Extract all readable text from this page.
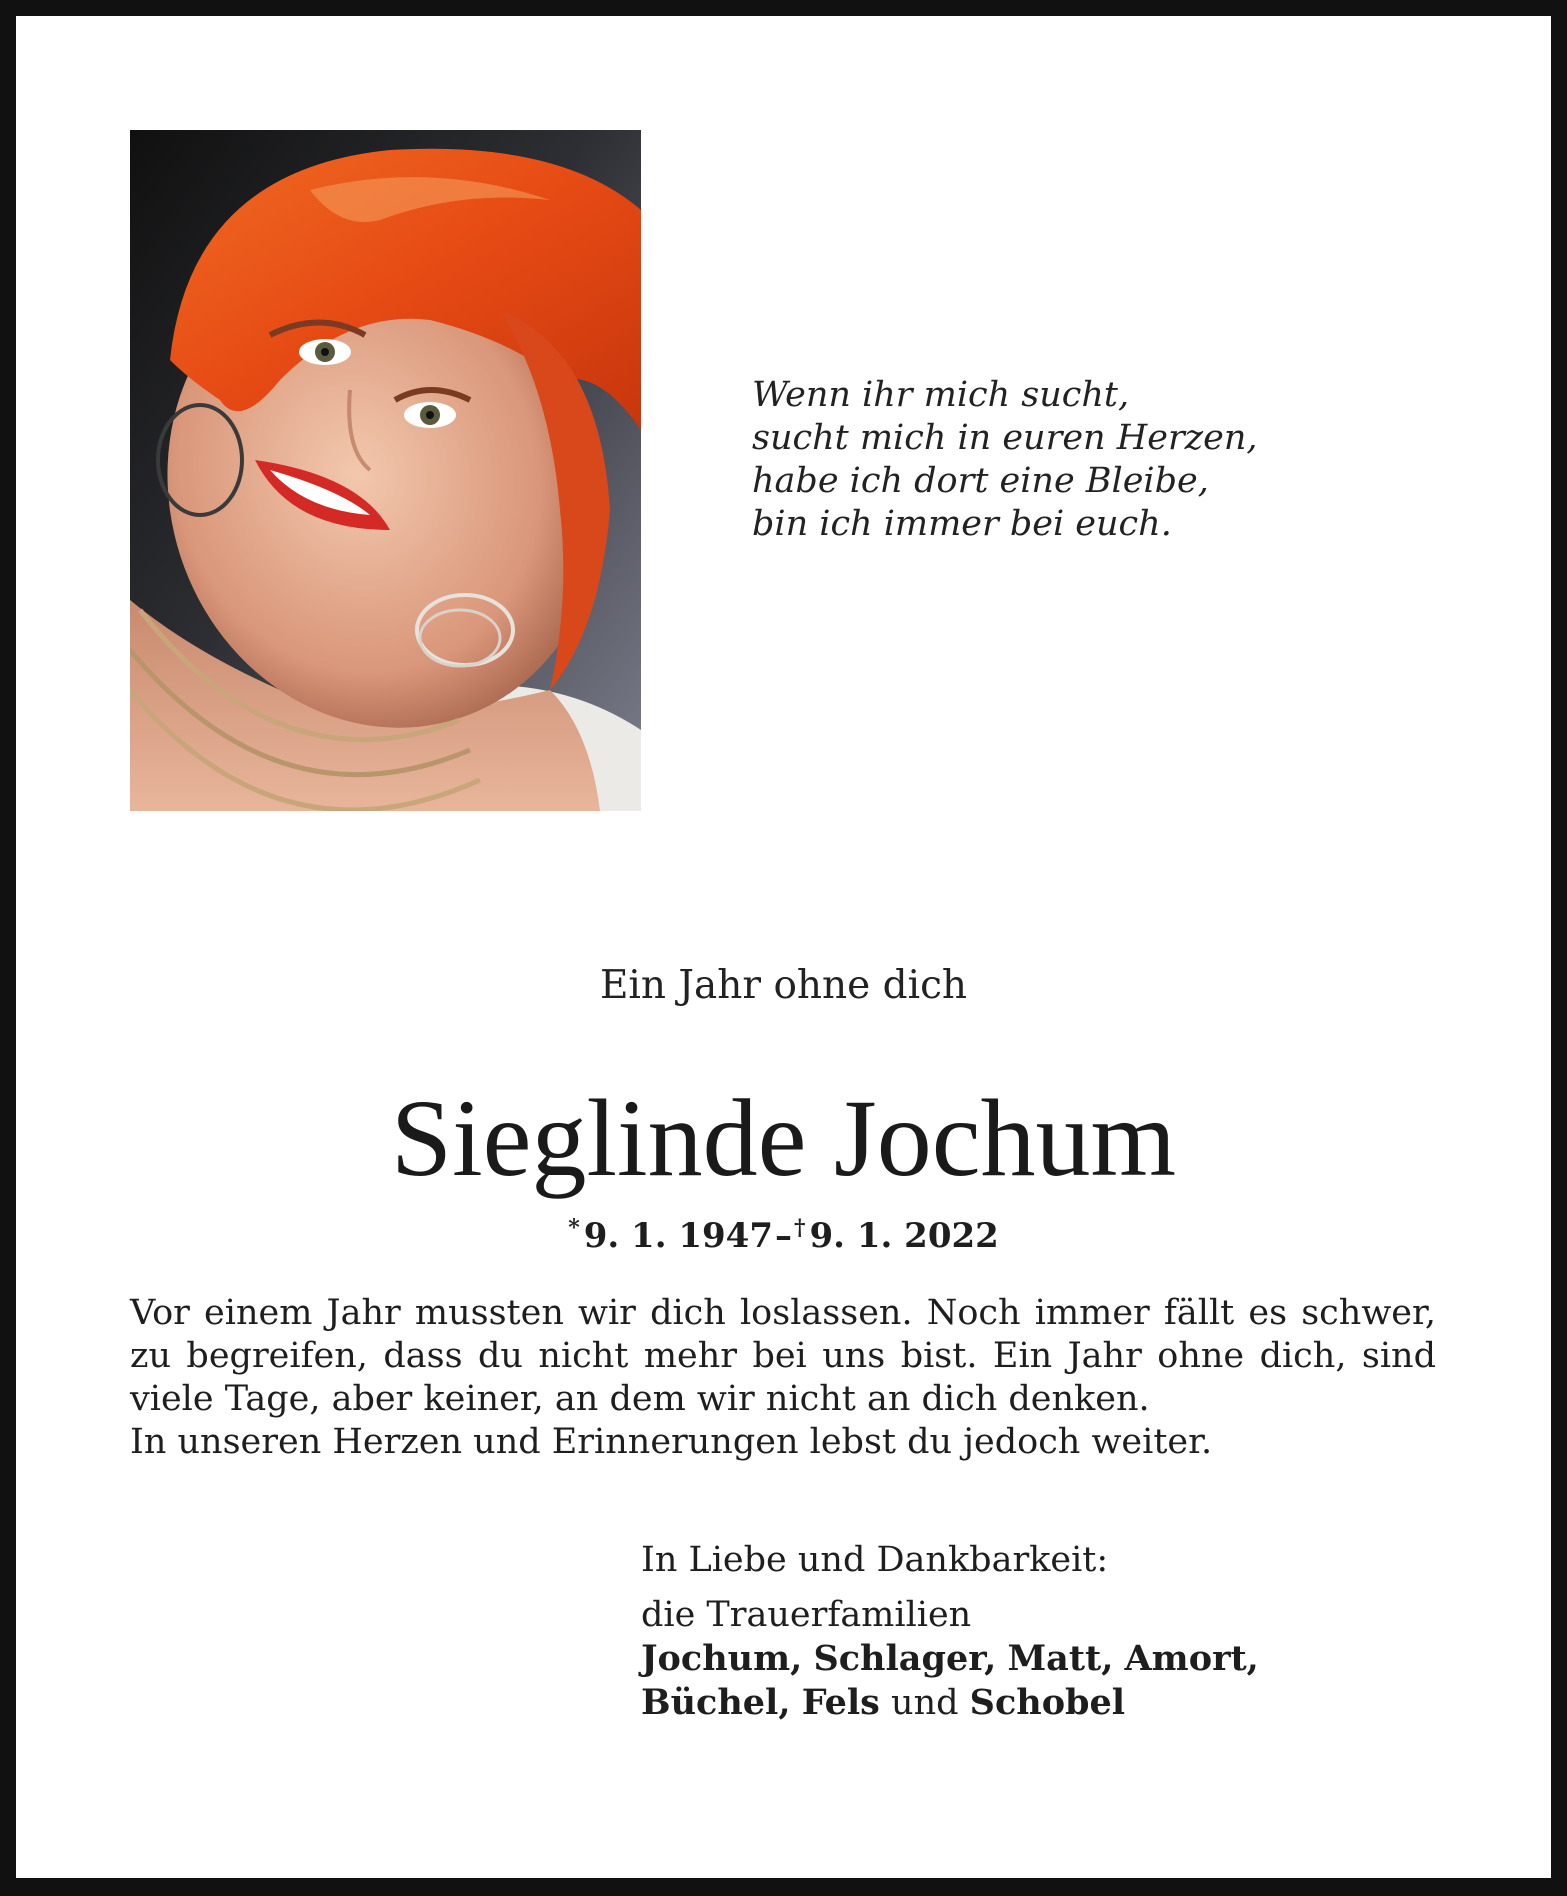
Wenn ihr mich sucht,
sucht mich in euren Herzen,
habe ich dort eine Bleibe,
bin ich immer bei euch.
Ein Jahr ohne dich
Sieglinde Jochum
* 9. 1. 1947–† 9. 1. 2022

Vor einem Jahr mussten wir dich loslassen. Noch immer fällt es schwer, zu begreifen, dass du nicht mehr bei uns bist. Ein Jahr ohne dich, sind viele Tage, aber keiner, an dem wir nicht an dich denken.

In unseren Herzen und Erinnerungen lebst du jedoch weiter.

In Liebe und Dankbarkeit:
die Trauerfamilien
Jochum, Schlager, Matt, Amort,
Büchel, Fels und Schobel
